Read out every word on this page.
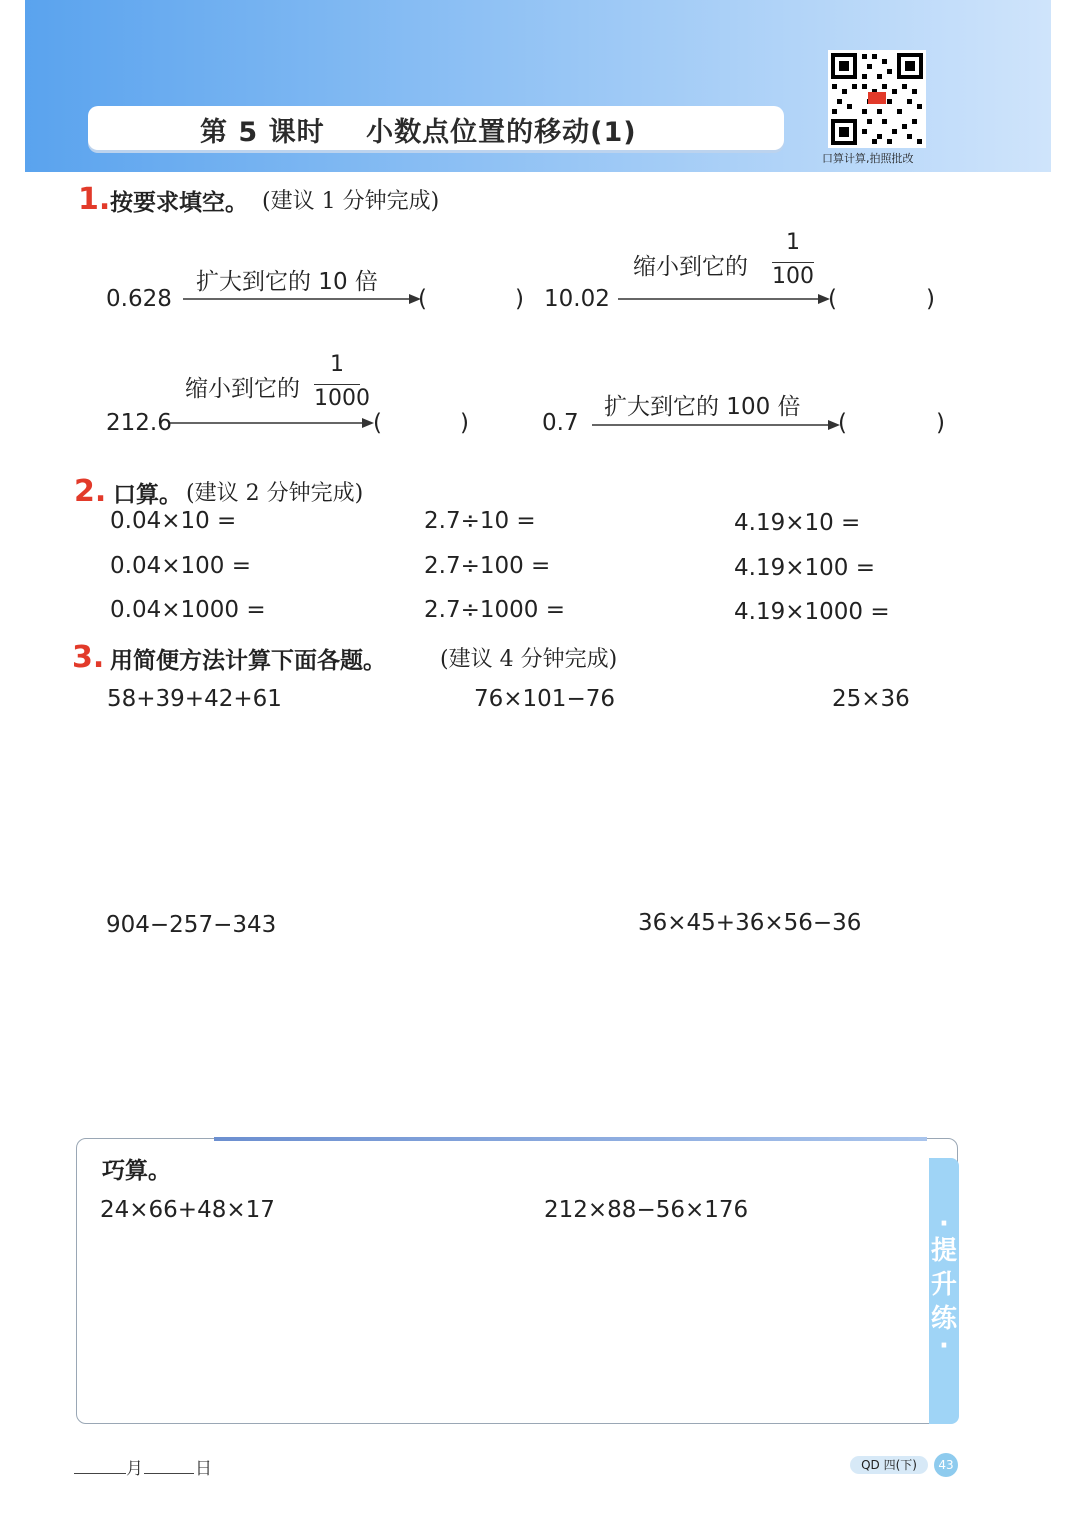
第 5 课时    小数点位置的移动(1)
口算计算,拍照批改
1. 按要求填空。 (建议 1 分钟完成)
0.628
扩大到它的 10 倍
(	) 10.02
缩小到它的
1
100
(	)
212.6
缩小到它的
1
1000
(	)	0.7
扩大到它的 100 倍
(	)
2. 口算。 (建议 2 分钟完成)
0.04×10 =	2.7÷10 =	4.19×10 =
0.04×100 =	2.7÷100 =	4.19×100 =
0.04×1000 =	2.7÷1000 =	4.19×1000 =
3. 用简便方法计算下面各题。 (建议 4 分钟完成)
58+39+42+61	76×101−76	25×36
904−257−343	36×45+36×56−36
·
提
升
练
·
巧算。
24×66+48×17	212×88−56×176
月	日	QD 四(下)	43
